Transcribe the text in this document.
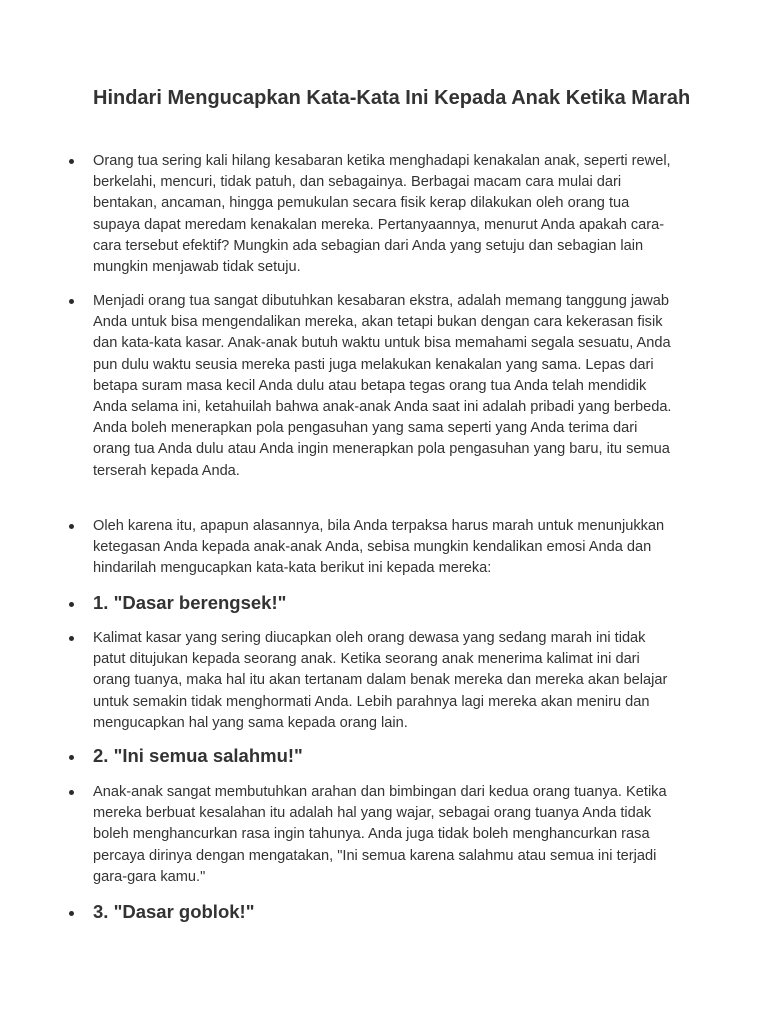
Hindari Mengucapkan Kata-Kata Ini Kepada Anak Ketika Marah

Orang tua sering kali hilang kesabaran ketika menghadapi kenakalan anak, seperti rewel, berkelahi, mencuri, tidak patuh, dan sebagainya. Berbagai macam cara mulai dari bentakan, ancaman, hingga pemukulan secara fisik kerap dilakukan oleh orang tua supaya dapat meredam kenakalan mereka. Pertanyaannya, menurut Anda apakah cara-cara tersebut efektif? Mungkin ada sebagian dari Anda yang setuju dan sebagian lain mungkin menjawab tidak setuju.

Menjadi orang tua sangat dibutuhkan kesabaran ekstra, adalah memang tanggung jawab Anda untuk bisa mengendalikan mereka, akan tetapi bukan dengan cara kekerasan fisik dan kata-kata kasar. Anak-anak butuh waktu untuk bisa memahami segala sesuatu, Anda pun dulu waktu seusia mereka pasti juga melakukan kenakalan yang sama. Lepas dari betapa suram masa kecil Anda dulu atau betapa tegas orang tua Anda telah mendidik Anda selama ini, ketahuilah bahwa anak-anak Anda saat ini adalah pribadi yang berbeda. Anda boleh menerapkan pola pengasuhan yang sama seperti yang Anda terima dari orang tua Anda dulu atau Anda ingin menerapkan pola pengasuhan yang baru, itu semua terserah kepada Anda.

Oleh karena itu, apapun alasannya, bila Anda terpaksa harus marah untuk menunjukkan ketegasan Anda kepada anak-anak Anda, sebisa mungkin kendalikan emosi Anda dan hindarilah mengucapkan kata-kata berikut ini kepada mereka:

1. "Dasar berengsek!"

Kalimat kasar yang sering diucapkan oleh orang dewasa yang sedang marah ini tidak patut ditujukan kepada seorang anak. Ketika seorang anak menerima kalimat ini dari orang tuanya, maka hal itu akan tertanam dalam benak mereka dan mereka akan belajar untuk semakin tidak menghormati Anda. Lebih parahnya lagi mereka akan meniru dan mengucapkan hal yang sama kepada orang lain.

2. "Ini semua salahmu!"

Anak-anak sangat membutuhkan arahan dan bimbingan dari kedua orang tuanya. Ketika mereka berbuat kesalahan itu adalah hal yang wajar, sebagai orang tuanya Anda tidak boleh menghancurkan rasa ingin tahunya. Anda juga tidak boleh menghancurkan rasa percaya dirinya dengan mengatakan, "Ini semua karena salahmu atau semua ini terjadi gara-gara kamu."

3. "Dasar goblok!"
